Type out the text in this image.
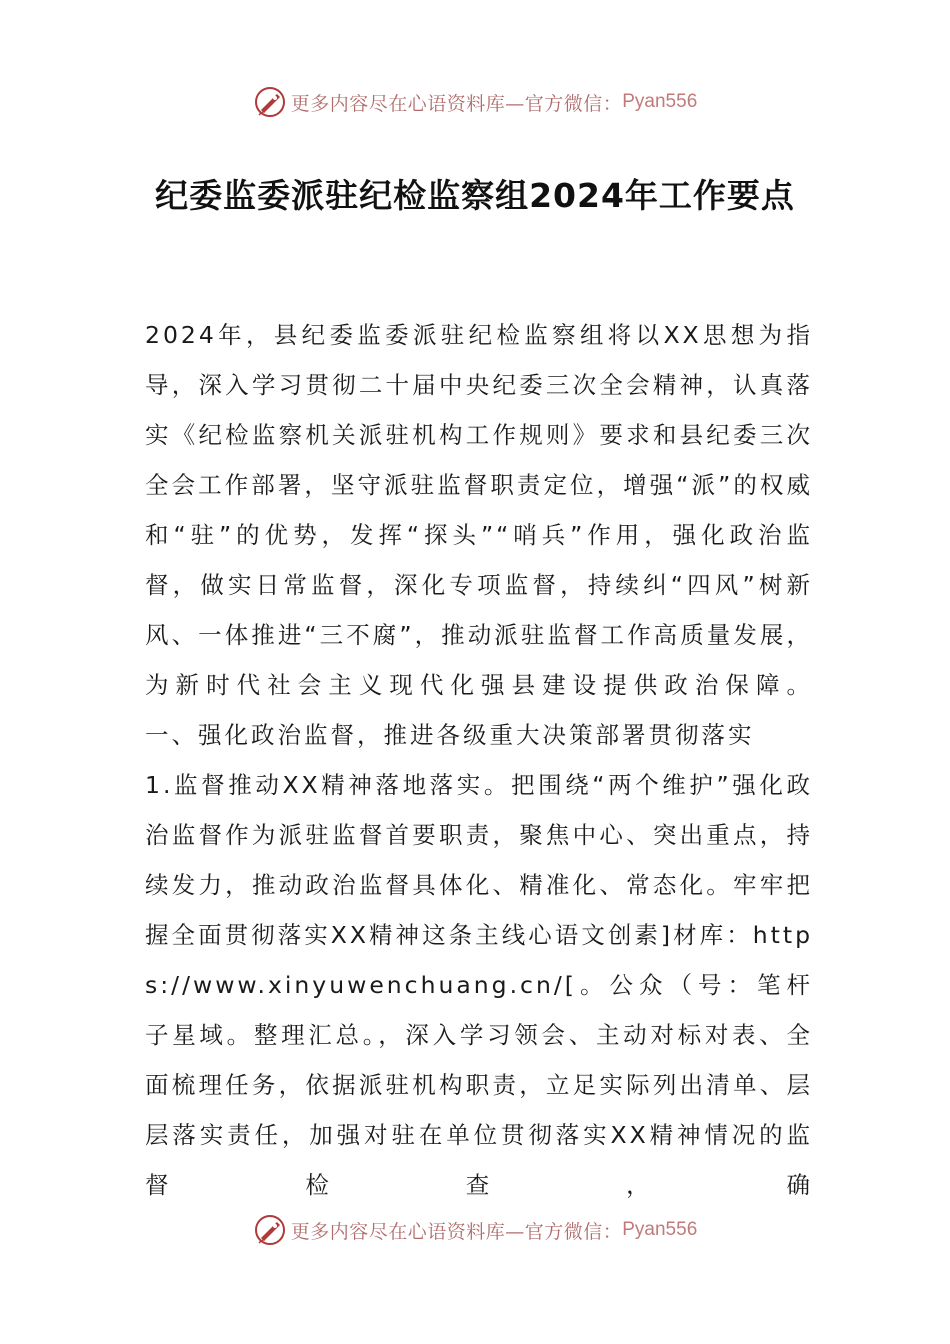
更多内容尽在心语资料库—官方微信： Pyan556
纪委监委派驻纪检监察组2024年工作要点

2024年，县纪委监委派驻纪检监察组将以XX思想为指导，深入学习贯彻二十届中央纪委三次全会精神，认真落实《纪检监察机关派驻机构工作规则》要求和县纪委三次全会工作部署，坚守派驻监督职责定位，增强“派”的权威和“驻”的优势，发挥“探头”“哨兵”作用，强化政治监督，做实日常监督，深化专项监督，持续纠“四风”树新风、一体推进“三不腐”，推动派驻监督工作高质量发展，为新时代社会主义现代化强县建设提供政治保障。

一、强化政治监督，推进各级重大决策部署贯彻落实

1.监督推动XX精神落地落实。把围绕“两个维护”强化政治监督作为派驻监督首要职责，聚焦中心、突出重点，持续发力，推动政治监督具体化、精准化、常态化。牢牢把握全面贯彻落实XX精神这条主线心语文创素]材库：https://www.xinyuwenchuang.cn/[。公众（号：笔杆子星域。整理汇总。，深入学习领会、主动对标对表、全面梳理任务，依据派驻机构职责，立足实际列出清单、层层落实责任，加强对驻在单位贯彻落实XX精神情况的监督检查，确

更多内容尽在心语资料库—官方微信： Pyan556
